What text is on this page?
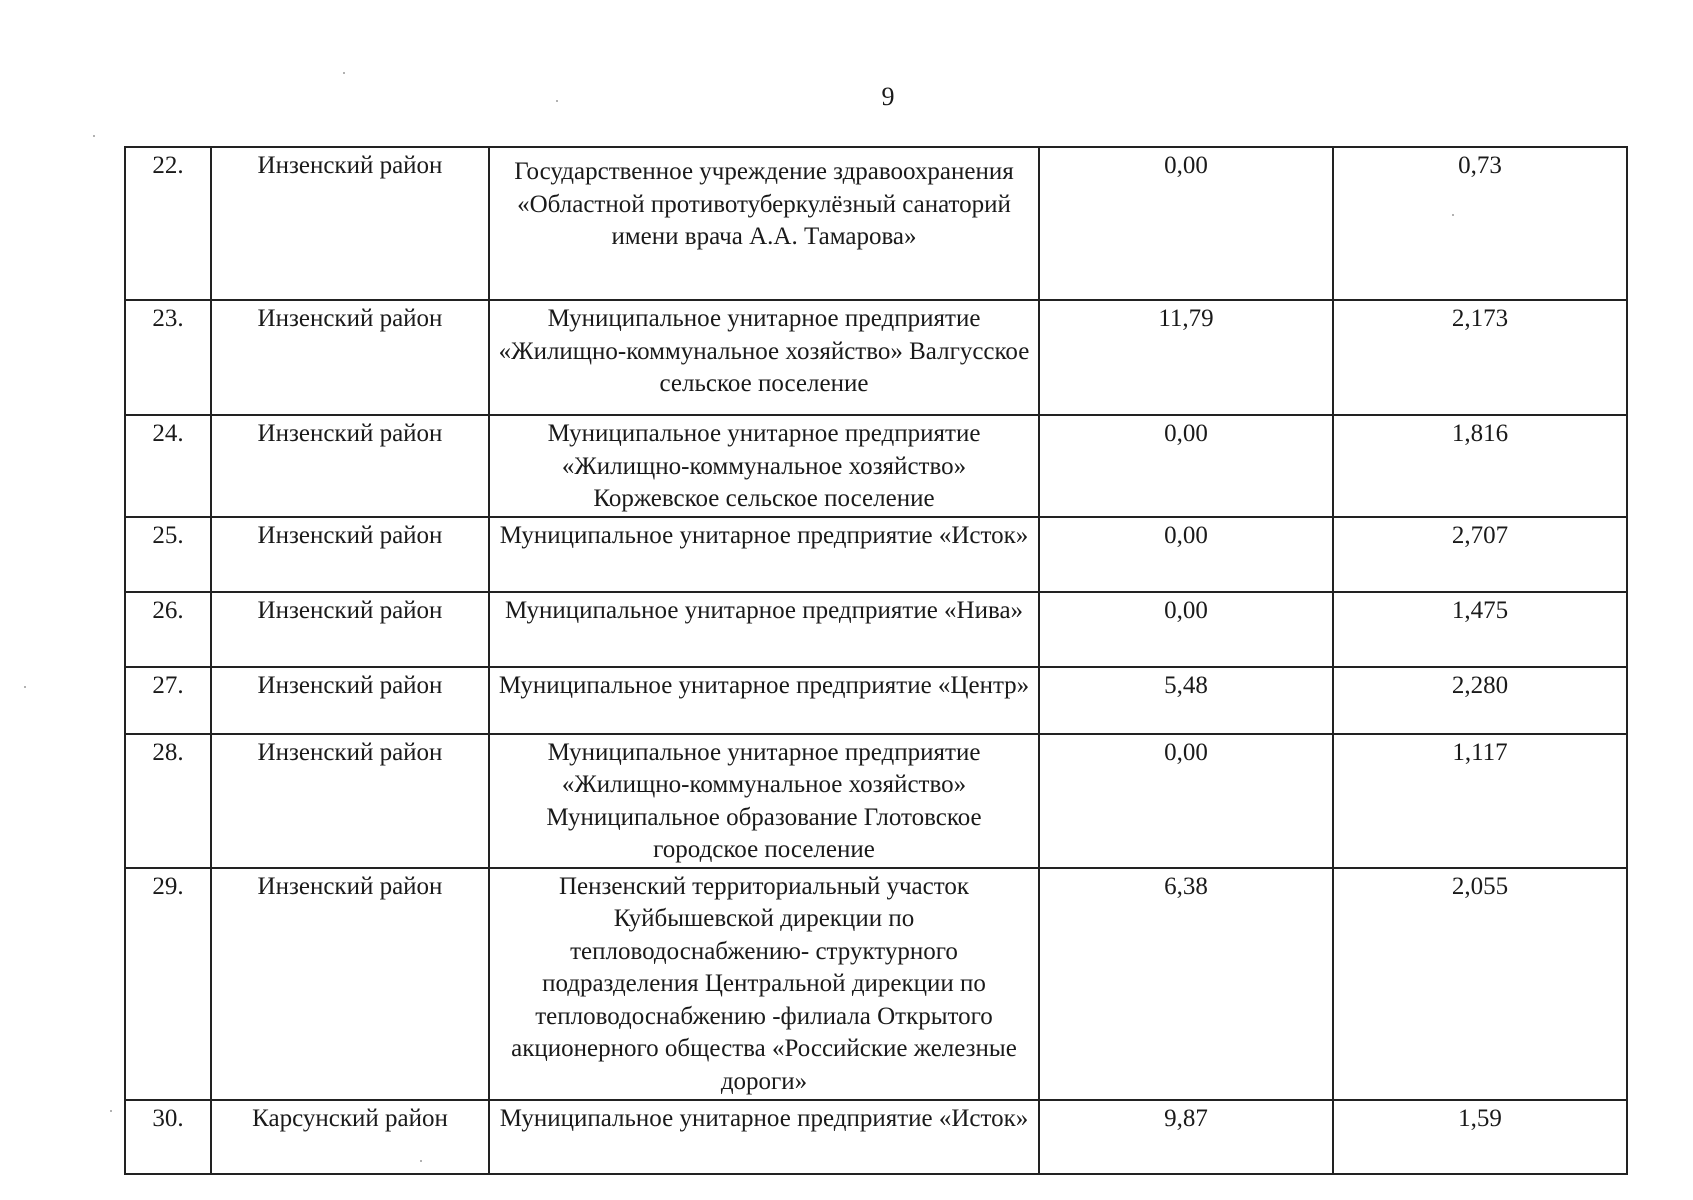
9
22.	Инзенский район	Государственное учреждение здравоохранения «Областной противотуберкулёзный санаторий имени врача А.А. Тамарова»	0,00	0,73
23.	Инзенский район	Муниципальное унитарное предприятие «Жилищно-коммунальное хозяйство» Валгусское сельское поселение	11,79	2,173
24.	Инзенский район	Муниципальное унитарное предприятие «Жилищно-коммунальное хозяйство» Коржевское сельское поселение	0,00	1,816
25.	Инзенский район	Муниципальное унитарное предприятие «Исток»	0,00	2,707
26.	Инзенский район	Муниципальное унитарное предприятие «Нива»	0,00	1,475
27.	Инзенский район	Муниципальное унитарное предприятие «Центр»	5,48	2,280
28.	Инзенский район	Муниципальное унитарное предприятие «Жилищно-коммунальное хозяйство» Муниципальное образование Глотовское городское поселение	0,00	1,117
29.	Инзенский район	Пензенский территориальный участок Куйбышевской дирекции по тепловодоснабжению- структурного подразделения Центральной дирекции по тепловодоснабжению -филиала Открытого акционерного общества «Российские железные дороги»	6,38	2,055
30.	Карсунский район	Муниципальное унитарное предприятие «Исток»	9,87	1,59
